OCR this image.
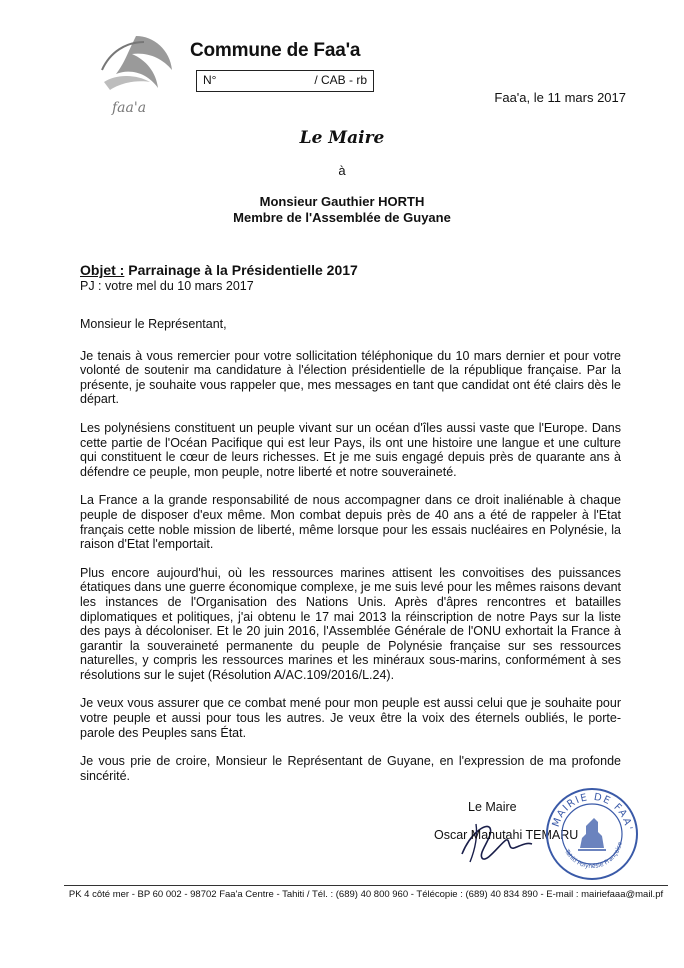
faa'a
Commune de Faa'a
N°	/ CAB - rb
Faa'a, le 11 mars 2017
Le Maire
à
Monsieur Gauthier HORTH
Membre de l'Assemblée de Guyane
Objet : Parrainage à la Présidentielle 2017
PJ : votre mel du 10 mars 2017

Monsieur le Représentant,

Je tenais à vous remercier pour votre sollicitation téléphonique du 10 mars dernier et pour votre volonté de soutenir ma candidature à l'élection présidentielle de la république française. Par la présente, je souhaite vous rappeler que, mes messages en tant que candidat ont été clairs dès le départ.

Les polynésiens constituent un peuple vivant sur un océan d'îles aussi vaste que l'Europe. Dans cette partie de l'Océan Pacifique qui est leur Pays, ils ont une histoire une langue et une culture qui constituent le cœur de leurs richesses. Et je me suis engagé depuis près de quarante ans à défendre ce peuple, mon peuple, notre liberté et notre souveraineté.

La France a la grande responsabilité de nous accompagner dans ce droit inaliénable à chaque peuple de disposer d'eux même. Mon combat depuis près de 40 ans a été de rappeler à l'Etat français cette noble mission de liberté, même lorsque pour les essais nucléaires en Polynésie, la raison d'Etat l'emportait.

Plus encore aujourd'hui, où les ressources marines attisent les convoitises des puissances étatiques dans une guerre économique complexe, je me suis levé pour les mêmes raisons devant les instances de l'Organisation des Nations Unis. Après d'âpres rencontres et batailles diplomatiques et politiques, j'ai obtenu le 17 mai 2013 la réinscription de notre Pays sur la liste des pays à décoloniser. Et le 20 juin 2016, l'Assemblée Générale de l'ONU exhortait la France à garantir la souveraineté permanente du peuple de Polynésie française sur ses ressources naturelles, y compris les ressources marines et les minéraux sous-marins, conformément à ses résolutions sur le sujet (Résolution A/AC.109/2016/L.24).

Je veux vous assurer que ce combat mené pour mon peuple est aussi celui que je souhaite pour votre peuple et aussi pour tous les autres. Je veux être la voix des éternels oubliés, le porte-parole des Peuples sans État.

Je vous prie de croire, Monsieur le Représentant de Guyane, en l'expression de ma profonde sincérité.

Le Maire
Oscar Manutahi TEMARU
MAIRIE DE FAA'
Tahiti Polynésie Française
PK 4 côté mer - BP 60 002 - 98702 Faa'a Centre - Tahiti / Tél. : (689) 40 800 960 - Télécopie : (689) 40 834 890 - E-mail : mairiefaaa@mail.pf
